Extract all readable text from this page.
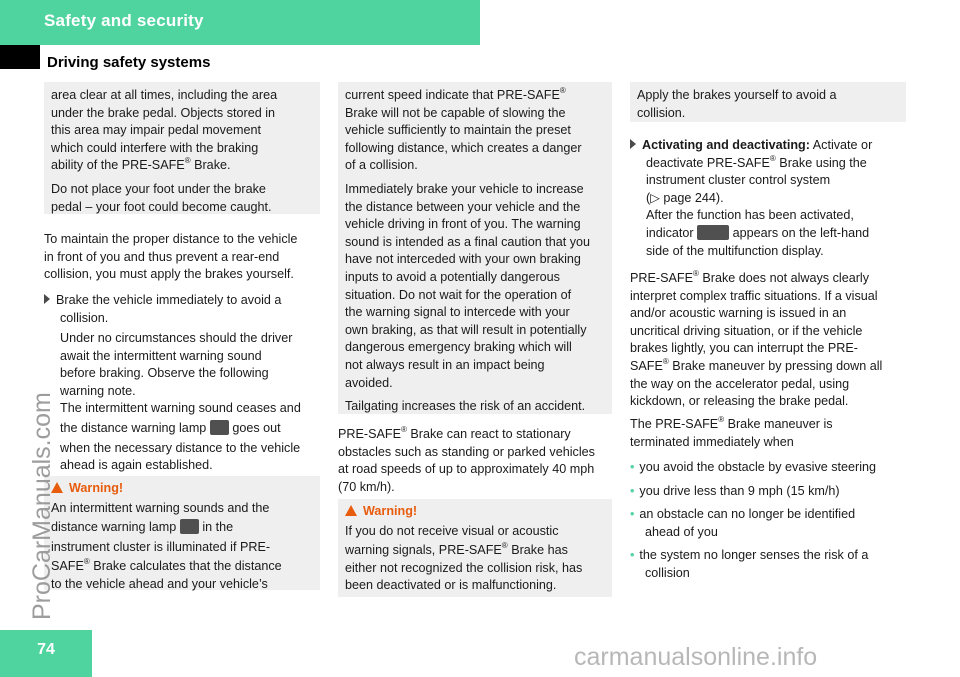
Safety and security
Driving safety systems

area clear at all times, including the area

under the brake pedal. Objects stored in

this area may impair pedal movement

which could interfere with the braking

ability of the PRE-SAFE® Brake.

Do not place your foot under the brake

pedal – your foot could become caught.

To maintain the proper distance to the vehicle

in front of you and thus prevent a rear-end

collision, you must apply the brakes yourself.

Brake the vehicle immediately to avoid a

collision.

Under no circumstances should the driver

await the intermittent warning sound

before braking. Observe the following

warning note.

The intermittent warning sound ceases and

the distance warning lamp goes out

when the necessary distance to the vehicle

ahead is again established.

Warning!

An intermittent warning sounds and the

distance warning lamp in the

instrument cluster is illuminated if PRE-

SAFE® Brake calculates that the distance

to the vehicle ahead and your vehicle’s

current speed indicate that PRE-SAFE®

Brake will not be capable of slowing the

vehicle sufficiently to maintain the preset

following distance, which creates a danger

of a collision.

Immediately brake your vehicle to increase

the distance between your vehicle and the

vehicle driving in front of you. The warning

sound is intended as a final caution that you

have not interceded with your own braking

inputs to avoid a potentially dangerous

situation. Do not wait for the operation of

the warning signal to intercede with your

own braking, as that will result in potentially

dangerous emergency braking which will

not always result in an impact being

avoided.

Tailgating increases the risk of an accident.

PRE-SAFE® Brake can react to stationary

obstacles such as standing or parked vehicles

at road speeds of up to approximately 40 mph

(70 km/h).

Warning!

If you do not receive visual or acoustic

warning signals, PRE-SAFE® Brake has

either not recognized the collision risk, has

been deactivated or is malfunctioning.

Apply the brakes yourself to avoid a

collision.

Activating and deactivating: Activate or

deactivate PRE-SAFE® Brake using the

instrument cluster control system

(▷ page 244).

After the function has been activated,

indicator	appears on the left-hand

side of the multifunction display.

PRE-SAFE® Brake does not always clearly

interpret complex traffic situations. If a visual

and/or acoustic warning is issued in an

uncritical driving situation, or if the vehicle

brakes lightly, you can interrupt the PRE-

SAFE® Brake maneuver by pressing down all

the way on the accelerator pedal, using

kickdown, or releasing the brake pedal.

The PRE-SAFE® Brake maneuver is

terminated immediately when

• you avoid the obstacle by evasive steering

• you drive less than 9 mph (15 km/h)

• an obstacle can no longer be identified

ahead of you

• the system no longer senses the risk of a

collision

74
ProCarManuals.com
carmanualsonline.info
